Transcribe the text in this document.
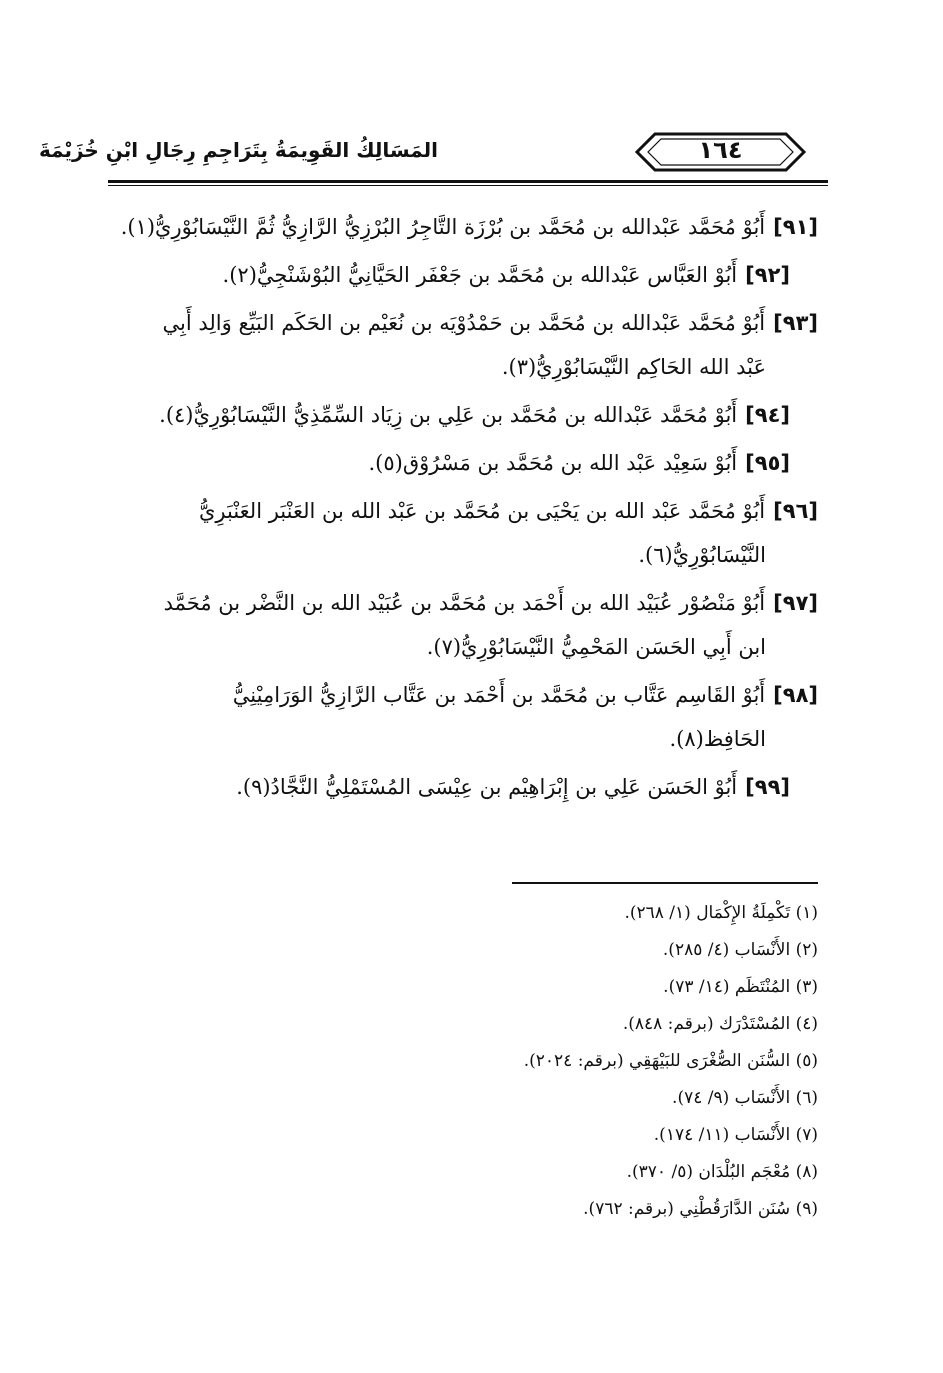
المَسَالِكُ القَوِيمَةُ بِتَرَاجِمِ رِجَالِ ابْنِ خُزَيْمَةَ	١٦٤
[٩١]أَبُوْ مُحَمَّد عَبْدالله بن مُحَمَّد بن بُرْزَة التَّاجِرُ البُرْزِيُّ الرَّازِيُّ ثُمَّ النَّيْسَابُوْرِيُّ(١).
[٩٢]أَبُوْ العَبَّاس عَبْدالله بن مُحَمَّد بن جَعْفَر الحَيَّانِيُّ البُوْشَنْجِيُّ(٢).
[٩٣]أَبُوْ مُحَمَّد عَبْدالله بن مُحَمَّد بن حَمْدُوْيَه بن نُعَيْم بن الحَكَم البَيِّع وَالِد أَبِي
عَبْد الله الحَاكِم النَّيْسَابُوْرِيُّ(٣).
[٩٤]أَبُوْ مُحَمَّد عَبْدالله بن مُحَمَّد بن عَلِي بن زِيَاد السِّمِّذِيُّ النَّيْسَابُوْرِيُّ(٤).
[٩٥]أَبُوْ سَعِيْد عَبْد الله بن مُحَمَّد بن مَسْرُوْق(٥).
[٩٦]أَبُوْ مُحَمَّد عَبْد الله بن يَحْيَى بن مُحَمَّد بن عَبْد الله بن العَنْبَر العَنْبَرِيُّ
النَّيْسَابُوْرِيُّ(٦).
[٩٧]أَبُوْ مَنْصُوْر عُبَيْد الله بن أَحْمَد بن مُحَمَّد بن عُبَيْد الله بن النَّضْر بن مُحَمَّد
ابن أَبِي الحَسَن المَحْمِيُّ النَّيْسَابُوْرِيُّ(٧).
[٩٨]أَبُوْ القَاسِم عَتَّاب بن مُحَمَّد بن أَحْمَد بن عَتَّاب الرَّازِيُّ الوَرَامِيْنِيُّ
الحَافِظ(٨).
[٩٩]أَبُوْ الحَسَن عَلِي بن إِبْرَاهِيْم بن عِيْسَى المُسْتَمْلِيُّ النَّجَّادُ(٩).
(١) تَكْمِلَةُ الإِكْمَال (١/ ٢٦٨).
(٢) الأَنْسَاب (٤/ ٢٨٥).
(٣) المُنْتَظَم (١٤/ ٧٣).
(٤) المُسْتَدْرَك (برقم: ٨٤٨).
(٥) السُّنَن الصُّغْرَى للبَيْهَقِي (برقم: ٢٠٢٤).
(٦) الأَنْسَاب (٩/ ٧٤).
(٧) الأَنْسَاب (١١/ ١٧٤).
(٨) مُعْجَم البُلْدَان (٥/ ٣٧٠).
(٩) سُنَن الدَّارَقُطْنِي (برقم: ٧٦٢).
